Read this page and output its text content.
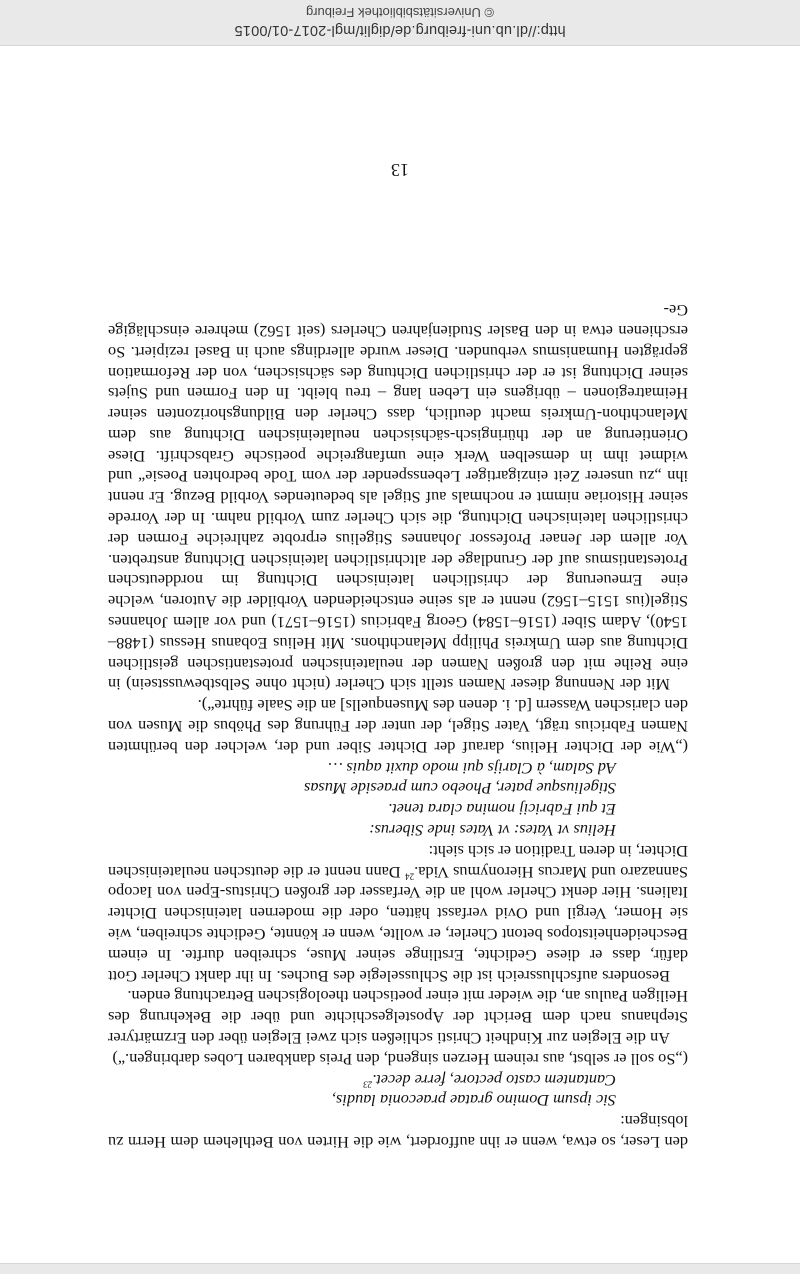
den Leser, so etwa, wenn er ihn auffordert, wie die Hirten von Bethlehem dem Herrn zu lobsingen:

Sic ipsum Domino gratae praeconia laudis,

Cantantem casto pectore, ferre decet.$^{23}$

(„So soll er selbst, aus reinem Herzen singend, den Preis dankbaren Lobes darbringen.“)

An die Elegien zur Kindheit Christi schließen sich zwei Elegien über den Erzmärtyrer Stephanus nach dem Bericht der Apostelgeschichte und über die Bekehrung des Heiligen Paulus an, die wieder mit einer poetischen theologischen Betrachtung enden.

Besonders aufschlussreich ist die Schlusselegie des Buches. In ihr dankt Cherler Gott dafür, dass er diese Gedichte, Erstlinge seiner Muse, schreiben durfte. In einem Bescheidenheitstopos betont Cherler, er wollte, wenn er könnte, Gedichte schreiben, wie sie Homer, Vergil und Ovid verfasst hätten, oder die modernen lateinischen Dichter Italiens. Hier denkt Cherler wohl an die Verfasser der großen Christus-Epen von Iacopo Sannazaro und Marcus Hieronymus Vida.$^{24}$ Dann nennt er die deutschen neulateinischen Dichter, in deren Tradition er sich sieht:

Helius vt Vates: vt Vates inde Siberus:

Et qui Fabricij nomina clara tenet.

Stigeliusque pater, Phoebo cum praeside Musas

Ad Salam, à Clarijs qui modo duxit aquis …

(„Wie der Dichter Helius, darauf der Dichter Siber und der, welcher den berühmten Namen Fabricius trägt, Vater Stigel, der unter der Führung des Phöbus die Musen von den clarischen Wassern [d. i. denen des Musenquells] an die Saale führte“).

Mit der Nennung dieser Namen stellt sich Cherler (nicht ohne Selbstbewusstsein) in eine Reihe mit den großen Namen der neulateinischen protestantischen geistlichen Dichtung aus dem Umkreis Philipp Melanchthons. Mit Helius Eobanus Hessus (1488–1540), Adam Siber (1516–1584) Georg Fabricius (1516–1571) und vor allem Johannes Stigel(ius 1515–1562) nennt er als seine entscheidenden Vorbilder die Autoren, welche eine Erneuerung der christlichen lateinischen Dichtung im norddeutschen Protestantismus auf der Grundlage der altchristlichen lateinischen Dichtung anstrebten. Vor allem der Jenaer Professor Johannes Stigelius erprobte zahlreiche Formen der christlichen lateinischen Dichtung, die sich Cherler zum Vorbild nahm. In der Vorrede seiner Historiae nimmt er nochmals auf Stigel als bedeutendes Vorbild Bezug. Er nennt ihn „zu unserer Zeit einzigartiger Lebensspender der vom Tode bedrohten Poesie“ und widmet ihm in demselben Werk eine umfangreiche poetische Grabschrift. Diese Orientierung an der thüringisch-sächsischen neulateinischen Dichtung aus dem Melanchthon-Umkreis macht deutlich, dass Cherler den Bildungshorizonten seiner Heimatregionen – übrigens ein Leben lang – treu bleibt. In den Formen und Sujets seiner Dichtung ist er der christlichen Dichtung des sächsischen, von der Reformation geprägten Humanismus verbunden. Dieser wurde allerdings auch in Basel rezipiert. So erschienen etwa in den Basler Studienjahren Cherlers (seit 1562) mehrere einschlägige Ge-

13
http://dl.ub.uni-freiburg.de/diglit/mgl-2017-01/0015
© Universitätsbibliothek Freiburg
